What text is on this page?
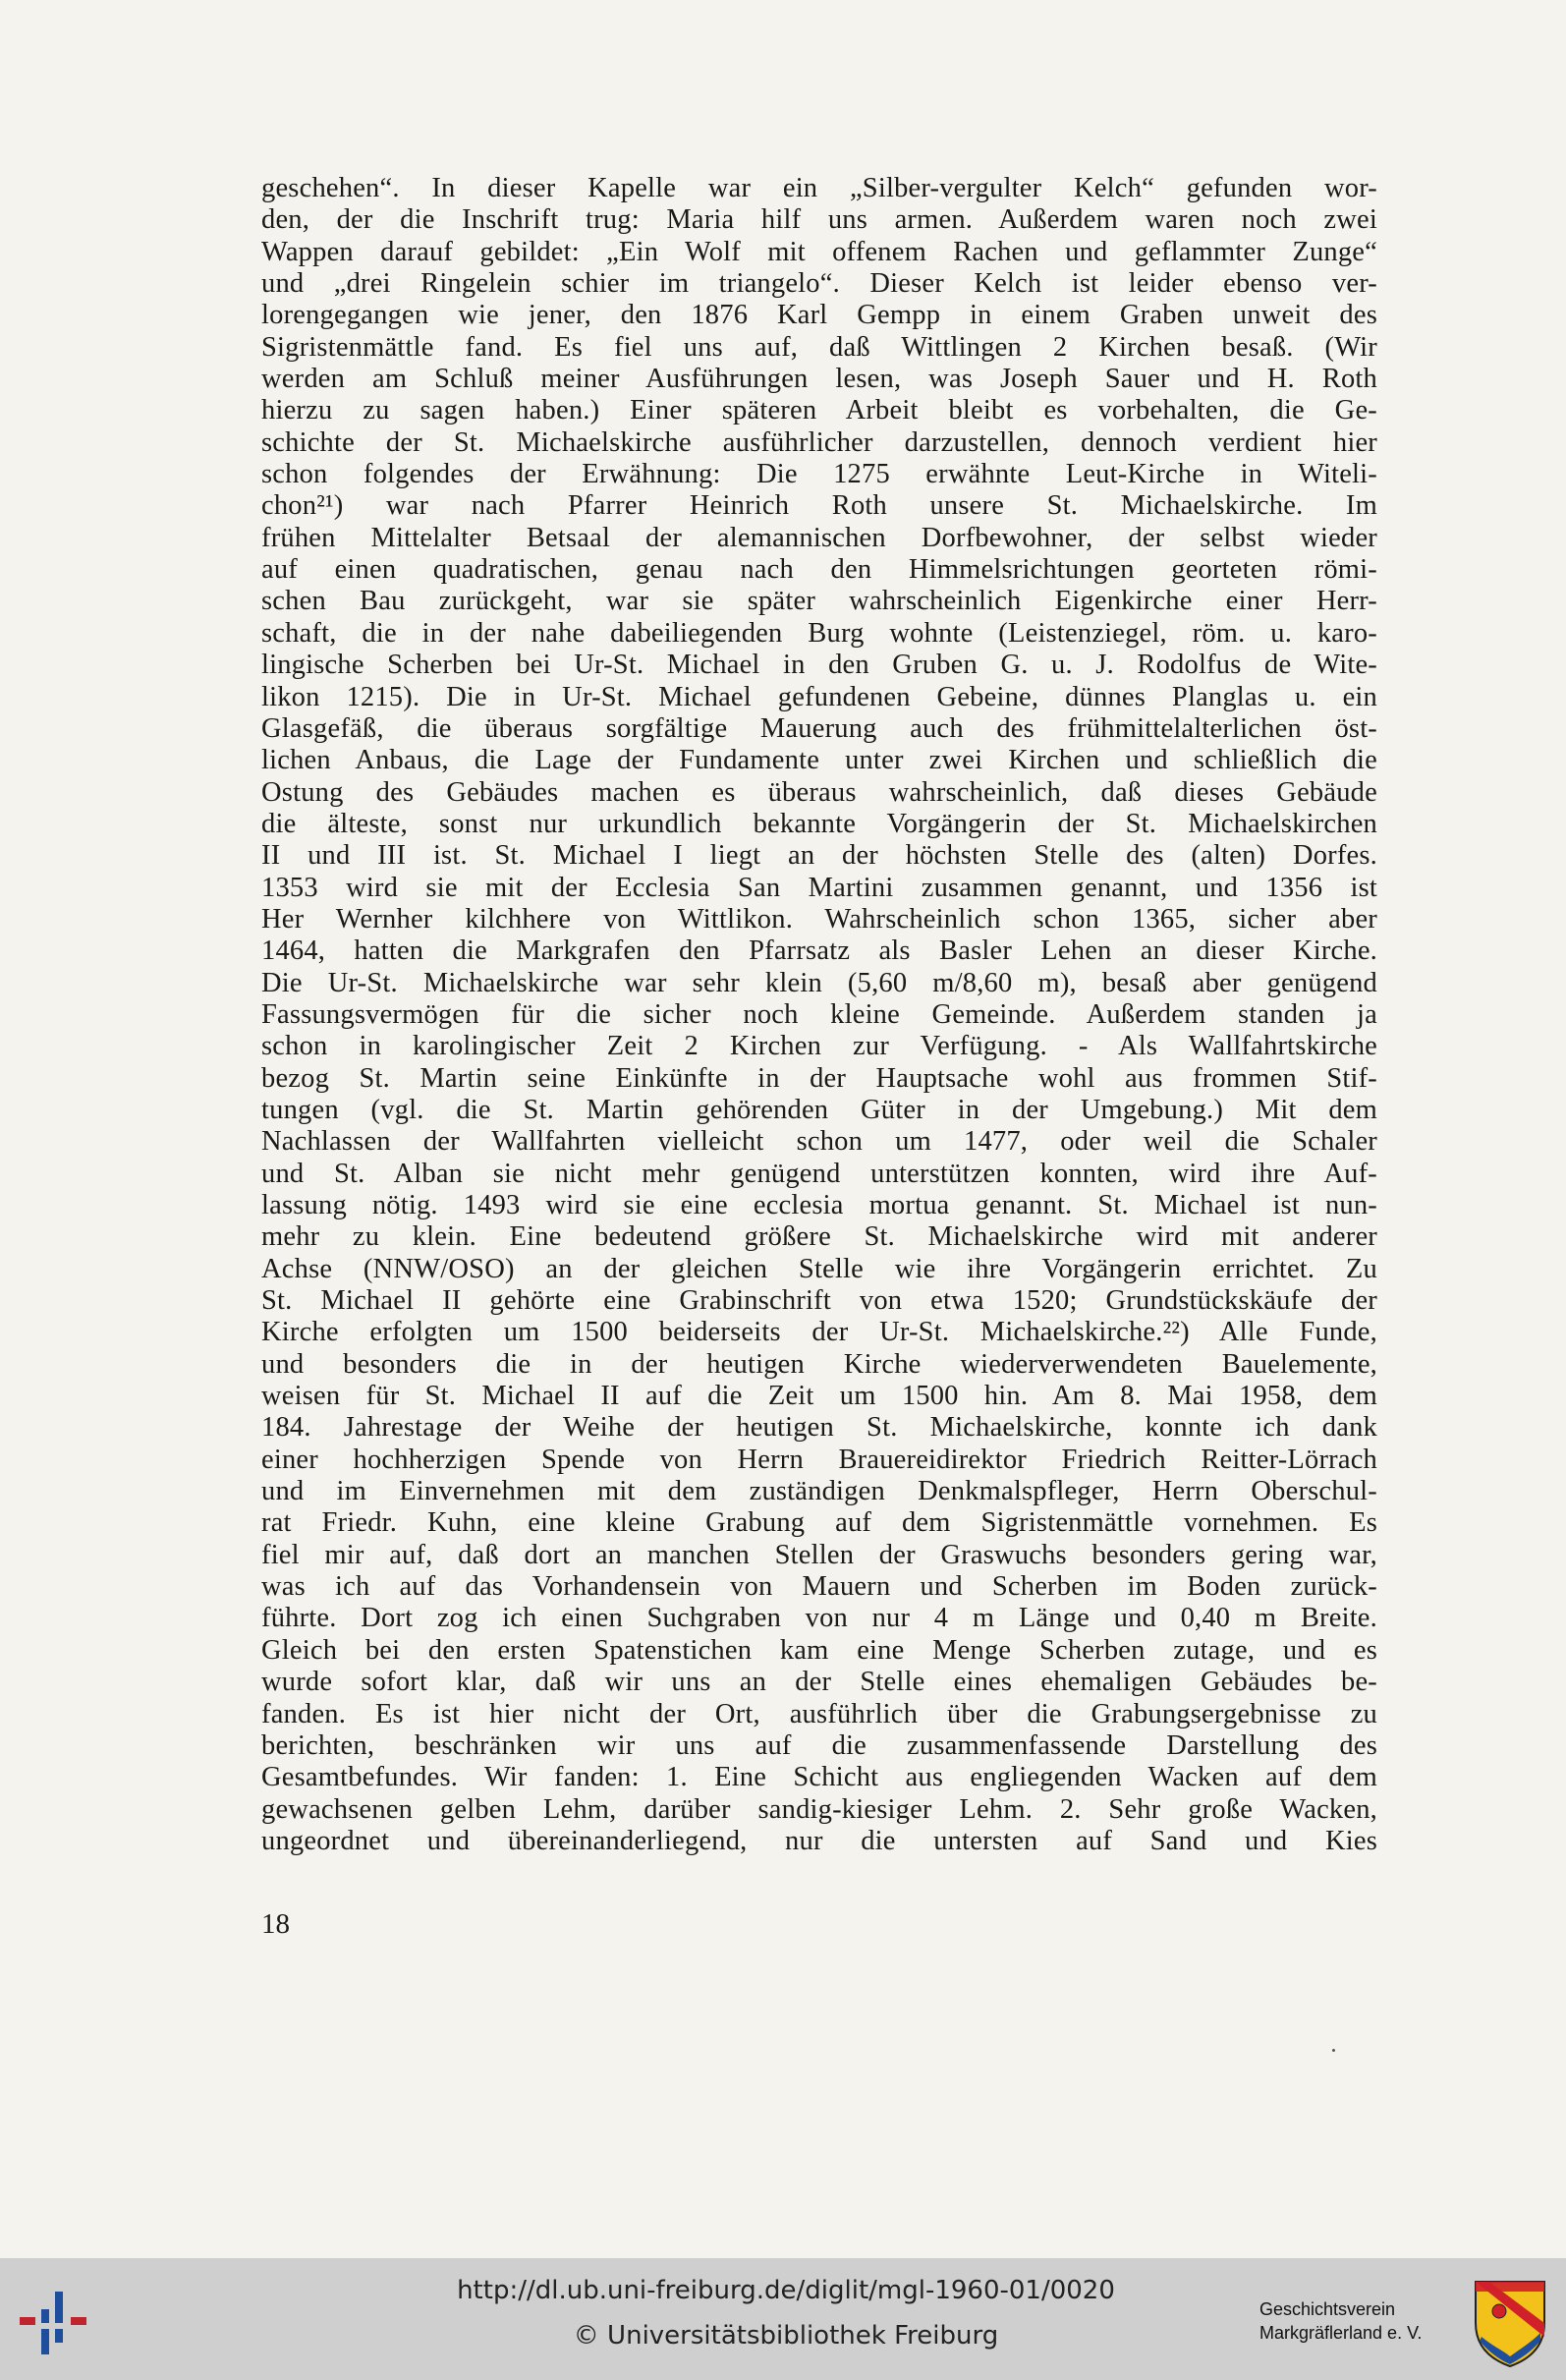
geschehen“. In dieser Kapelle war ein „Silber-vergulter Kelch“ gefunden wor-
den, der die Inschrift trug: Maria hilf uns armen. Außerdem waren noch zwei
Wappen darauf gebildet: „Ein Wolf mit offenem Rachen und geflammter Zunge“
und „drei Ringelein schier im triangelo“. Dieser Kelch ist leider ebenso ver-
lorengegangen wie jener, den 1876 Karl Gempp in einem Graben unweit des
Sigristenmättle fand. Es fiel uns auf, daß Wittlingen 2 Kirchen besaß. (Wir
werden am Schluß meiner Ausführungen lesen, was Joseph Sauer und H. Roth
hierzu zu sagen haben.) Einer späteren Arbeit bleibt es vorbehalten, die Ge-
schichte der St. Michaelskirche ausführlicher darzustellen, dennoch verdient hier
schon folgendes der Erwähnung: Die 1275 erwähnte Leut-Kirche in Witeli-
chon²¹) war nach Pfarrer Heinrich Roth unsere St. Michaelskirche. Im
frühen Mittelalter Betsaal der alemannischen Dorfbewohner, der selbst wieder
auf einen quadratischen, genau nach den Himmelsrichtungen georteten römi-
schen Bau zurückgeht, war sie später wahrscheinlich Eigenkirche einer Herr-
schaft, die in der nahe dabeiliegenden Burg wohnte (Leistenziegel, röm. u. karo-
lingische Scherben bei Ur-St. Michael in den Gruben G. u. J. Rodolfus de Wite-
likon 1215). Die in Ur-St. Michael gefundenen Gebeine, dünnes Planglas u. ein
Glasgefäß, die überaus sorgfältige Mauerung auch des frühmittelalterlichen öst-
lichen Anbaus, die Lage der Fundamente unter zwei Kirchen und schließlich die
Ostung des Gebäudes machen es überaus wahrscheinlich, daß dieses Gebäude
die älteste, sonst nur urkundlich bekannte Vorgängerin der St. Michaelskirchen
II und III ist. St. Michael I liegt an der höchsten Stelle des (alten) Dorfes.
1353 wird sie mit der Ecclesia San Martini zusammen genannt, und 1356 ist
Her Wernher kilchhere von Wittlikon. Wahrscheinlich schon 1365, sicher aber
1464, hatten die Markgrafen den Pfarrsatz als Basler Lehen an dieser Kirche.
Die Ur-St. Michaelskirche war sehr klein (5,60 m/8,60 m), besaß aber genügend
Fassungsvermögen für die sicher noch kleine Gemeinde. Außerdem standen ja
schon in karolingischer Zeit 2 Kirchen zur Verfügung. - Als Wallfahrtskirche
bezog St. Martin seine Einkünfte in der Hauptsache wohl aus frommen Stif-
tungen (vgl. die St. Martin gehörenden Güter in der Umgebung.) Mit dem
Nachlassen der Wallfahrten vielleicht schon um 1477, oder weil die Schaler
und St. Alban sie nicht mehr genügend unterstützen konnten, wird ihre Auf-
lassung nötig. 1493 wird sie eine ecclesia mortua genannt. St. Michael ist nun-
mehr zu klein. Eine bedeutend größere St. Michaelskirche wird mit anderer
Achse (NNW/OSO) an der gleichen Stelle wie ihre Vorgängerin errichtet. Zu
St. Michael II gehörte eine Grabinschrift von etwa 1520; Grundstückskäufe der
Kirche erfolgten um 1500 beiderseits der Ur-St. Michaelskirche.²²) Alle Funde,
und besonders die in der heutigen Kirche wiederverwendeten Bauelemente,
weisen für St. Michael II auf die Zeit um 1500 hin. Am 8. Mai 1958, dem
184. Jahrestage der Weihe der heutigen St. Michaelskirche, konnte ich dank
einer hochherzigen Spende von Herrn Brauereidirektor Friedrich Reitter-Lörrach
und im Einvernehmen mit dem zuständigen Denkmalspfleger, Herrn Oberschul-
rat Friedr. Kuhn, eine kleine Grabung auf dem Sigristenmättle vornehmen. Es
fiel mir auf, daß dort an manchen Stellen der Graswuchs besonders gering war,
was ich auf das Vorhandensein von Mauern und Scherben im Boden zurück-
führte. Dort zog ich einen Suchgraben von nur 4 m Länge und 0,40 m Breite.
Gleich bei den ersten Spatenstichen kam eine Menge Scherben zutage, und es
wurde sofort klar, daß wir uns an der Stelle eines ehemaligen Gebäudes be-
fanden. Es ist hier nicht der Ort, ausführlich über die Grabungsergebnisse zu
berichten, beschränken wir uns auf die zusammenfassende Darstellung des
Gesamtbefundes. Wir fanden: 1. Eine Schicht aus engliegenden Wacken auf dem
gewachsenen gelben Lehm, darüber sandig-kiesiger Lehm. 2. Sehr große Wacken,
ungeordnet und übereinanderliegend, nur die untersten auf Sand und Kies
18
http://dl.ub.uni-freiburg.de/diglit/mgl-1960-01/0020
© Universitätsbibliothek Freiburg
Geschichtsverein
Markgräflerland e. V.
